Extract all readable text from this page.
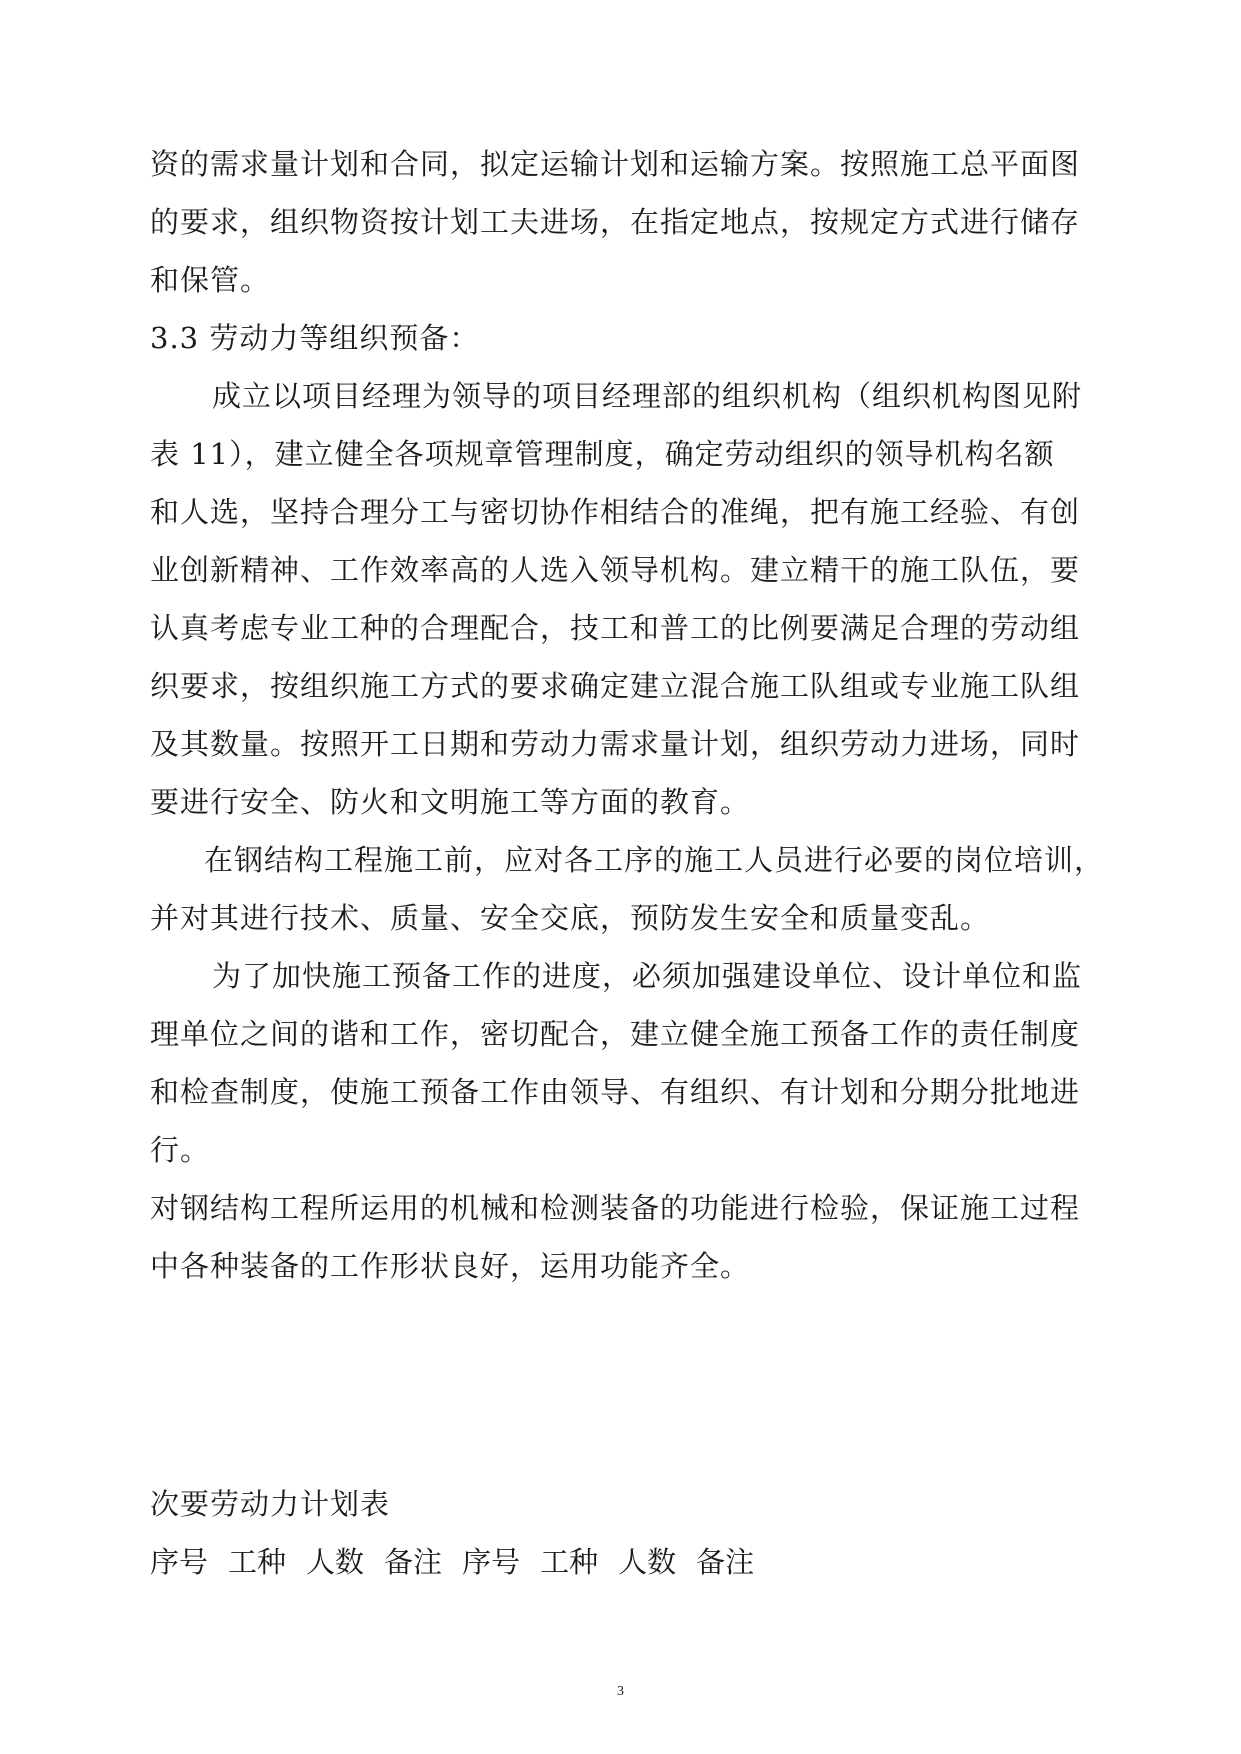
资的需求量计划和合同，拟定运输计划和运输方案。按照施工总平面图
的要求，组织物资按计划工夫进场，在指定地点，按规定方式进行储存
和保管。
3.3 劳动力等组织预备：
成立以项目经理为领导的项目经理部的组织机构（组织机构图见附
表 11），建立健全各项规章管理制度，确定劳动组织的领导机构名额
和人选，坚持合理分工与密切协作相结合的准绳，把有施工经验、有创
业创新精神、工作效率高的人选入领导机构。建立精干的施工队伍，要
认真考虑专业工种的合理配合，技工和普工的比例要满足合理的劳动组
织要求，按组织施工方式的要求确定建立混合施工队组或专业施工队组
及其数量。按照开工日期和劳动力需求量计划，组织劳动力进场，同时
要进行安全、防火和文明施工等方面的教育。
在钢结构工程施工前，应对各工序的施工人员进行必要的岗位培训，
并对其进行技术、质量、安全交底，预防发生安全和质量变乱。
为了加快施工预备工作的进度，必须加强建设单位、设计单位和监
理单位之间的谐和工作，密切配合，建立健全施工预备工作的责任制度
和检查制度，使施工预备工作由领导、有组织、有计划和分期分批地进
行。
对钢结构工程所运用的机械和检测装备的功能进行检验，保证施工过程
中各种装备的工作形状良好，运用功能齐全。
次要劳动力计划表
序号 工种 人数 备注 序号 工种 人数 备注
3
